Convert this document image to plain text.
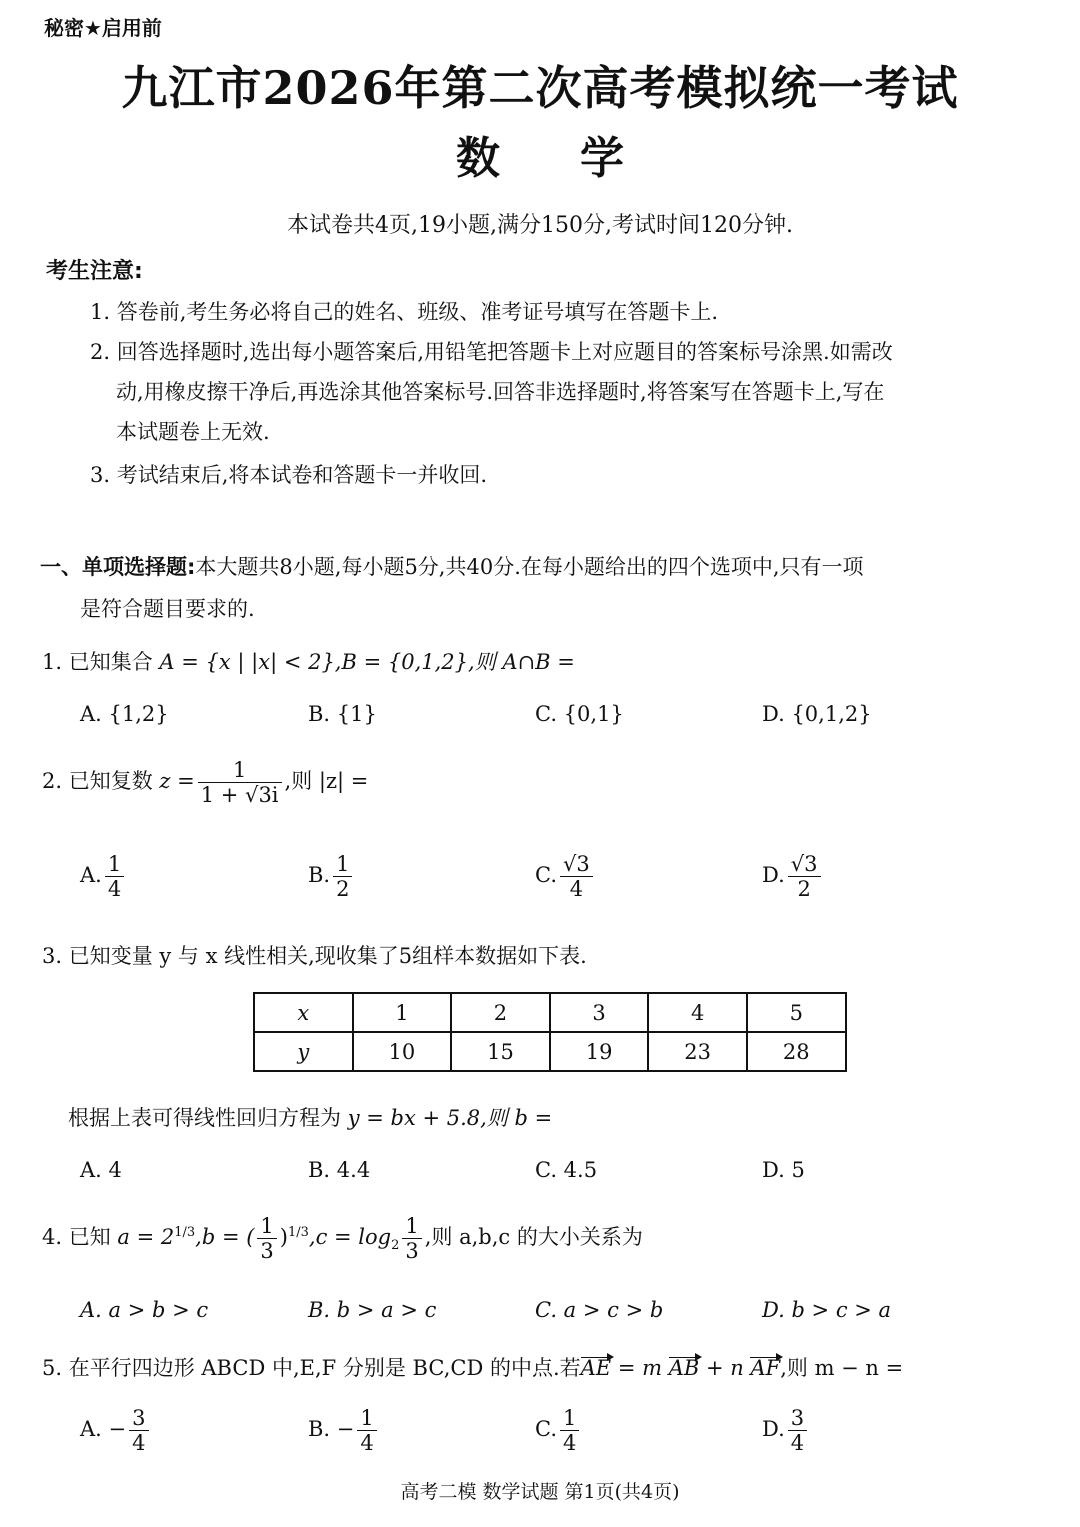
秘密★启用前
九江市2026年第二次高考模拟统一考试
数学
本试卷共4页,19小题,满分150分,考试时间120分钟.
考生注意:
1. 答卷前,考生务必将自己的姓名、班级、准考证号填写在答题卡上.
2. 回答选择题时,选出每小题答案后,用铅笔把答题卡上对应题目的答案标号涂黑.如需改
动,用橡皮擦干净后,再选涂其他答案标号.回答非选择题时,将答案写在答题卡上,写在
本试题卷上无效.
3. 考试结束后,将本试卷和答题卡一并收回.
一、单项选择题:本大题共8小题,每小题5分,共40分.在每小题给出的四个选项中,只有一项
是符合题目要求的.
1. 已知集合 A = {x | |x| < 2},B = {0,1,2},则 A∩B =
A. {1,2}	B. {1}	C. {0,1}	D. {0,1,2}
2. 已知复数 $z = \frac{1}{1 + √3i}$ ,则 |z| =
A. $\frac{1}{4}$	B. $\frac{1}{2}$	C. $\frac{√3}{4}$	D. $\frac{√3}{2}$
3. 已知变量 y 与 x 线性相关,现收集了5组样本数据如下表.
x	1	2	3	4	5
y	10	15	19	23	28
根据上表可得线性回归方程为 y = bx + 5.8,则 b =
A. 4	B. 4.4	C. 4.5	D. 5
4. 已知 $a = 2^{1/3},b$ = ( $\frac{1}{3} )^{1/3},c = \log_2 \frac{1}{3}$ ,则 a,b,c 的大小关系为
A. a > b > c	B. b > a > c	C. a > c > b	D. b > c > a
5. 在平行四边形 ABCD 中,E,F 分别是 BC,CD 的中点.若AE = m AB + n AF,则 m − n =
A. − $\frac{3}{4}$	B. − $\frac{1}{4}$	C. $\frac{1}{4}$	D. $\frac{3}{4}$
高考二模 数学试题 第1页(共4页)
